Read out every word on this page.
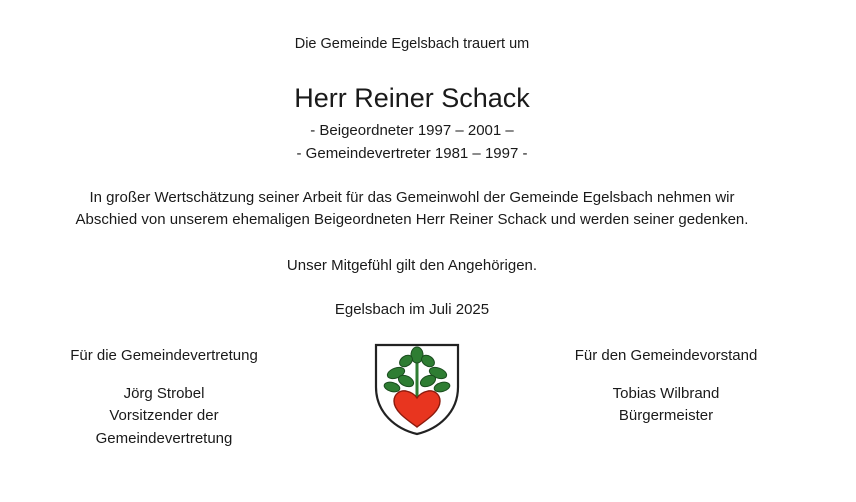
Die Gemeinde Egelsbach trauert um
Herr Reiner Schack
- Beigeordneter 1997 – 2001 –
- Gemeindevertreter 1981 – 1997 -
In großer Wertschätzung seiner Arbeit für das Gemeinwohl der Gemeinde Egelsbach nehmen wir
Abschied von unserem ehemaligen Beigeordneten Herr Reiner Schack und werden seiner gedenken.
Unser Mitgefühl gilt den Angehörigen.
Egelsbach im Juli 2025
Für die Gemeindevertretung
Jörg Strobel
Vorsitzender der
Gemeindevertretung
Für den Gemeindevorstand
Tobias Wilbrand
Bürgermeister
